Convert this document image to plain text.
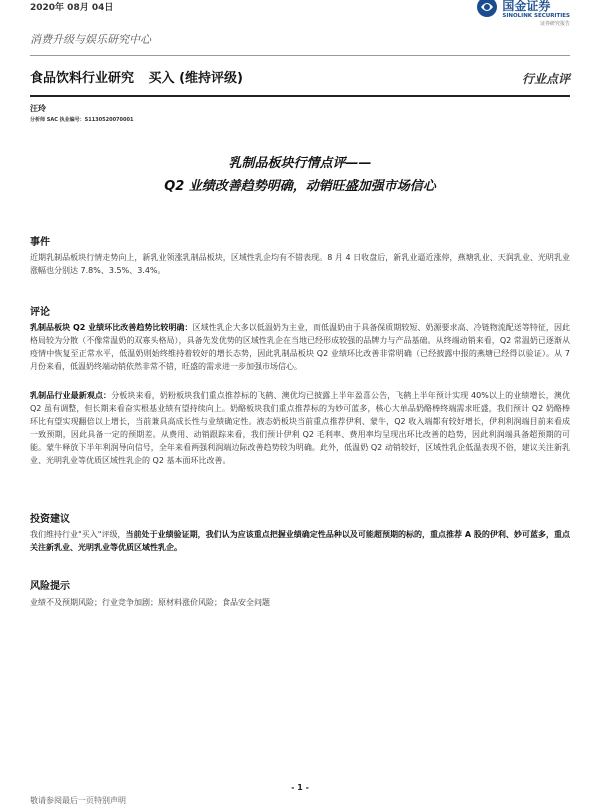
2020年 08月 04日	国金证券
SINOLINK SECURITIES
证券研究报告
消费升级与娱乐研究中心
食品饮料行业研究 买入 (维持评级)	行业点评
汪玲
分析师 SAC 执业编号：S1130520070001
乳制品板块行情点评——
Q2 业绩改善趋势明确，动销旺盛加强市场信心
事件
近期乳制品板块行情走势向上，新乳业领涨乳制品板块，区域性乳企均有不错表现。8 月 4 日收盘后，新乳业逼近涨停，燕塘乳业、天润乳业、光明乳业涨幅也分别达 7.8%、3.5%、3.4%。
评论
乳制品板块 Q2 业绩环比改善趋势比较明确：区域性乳企大多以低温奶为主业，而低温奶由于具备保质期较短、奶源要求高、冷链物流配送等特征，因此格局较为分散（不像常温奶的双寡头格局），具备先发优势的区域性乳企在当地已经形成较强的品牌力与产品基础。从终端动销来看，Q2 常温奶已逐渐从疫情中恢复至正常水平，低温奶则始终维持着较好的增长态势，因此乳制品板块 Q2 业绩环比改善非常明确（已经披露中报的燕塘已经得以验证）。从 7 月份来看，低温奶终端动销依然非常不错，旺盛的需求进一步加强市场信心。
乳制品行业最新观点：分板块来看，奶粉板块我们重点推荐标的飞鹤、澳优均已披露上半年盈喜公告，飞鹤上半年预计实现 40%以上的业绩增长，澳优 Q2 虽有调整，但长期来看奋实根基业绩有望持续向上。奶酪板块我们重点推荐标的为妙可蓝多，核心大单品奶酪棒终端需求旺盛，我们预计 Q2 奶酪棒环比有望实现翻倍以上增长，当前兼具高成长性与业绩确定性。液态奶板块当前重点推荐伊利、蒙牛，Q2 收入端都有较好增长，伊利利润端目前来看成一致预期，因此具备一定的预期差。从费用、动销跟踪来看，我们预计伊利 Q2 毛利率、费用率均呈现出环比改善的趋势，因此利润端具备超预期的可能。蒙牛释放下半年利润导向信号，全年来看两强利润端边际改善趋势较为明确。此外，低温奶 Q2 动销较好，区域性乳企低温表现不俗，建议关注新乳业、光明乳业等优质区域性乳企的 Q2 基本面环比改善。
投资建议
我们维持行业"买入"评级，当前处于业绩验证期，我们认为应该重点把握业绩确定性品种以及可能超预期的标的，重点推荐 A 股的伊利、妙可蓝多，重点关注新乳业、光明乳业等优质区域性乳企。
风险提示
业绩不及预期风险；行业竞争加剧；原材料涨价风险；食品安全问题
- 1 -
敬请参阅最后一页特别声明
